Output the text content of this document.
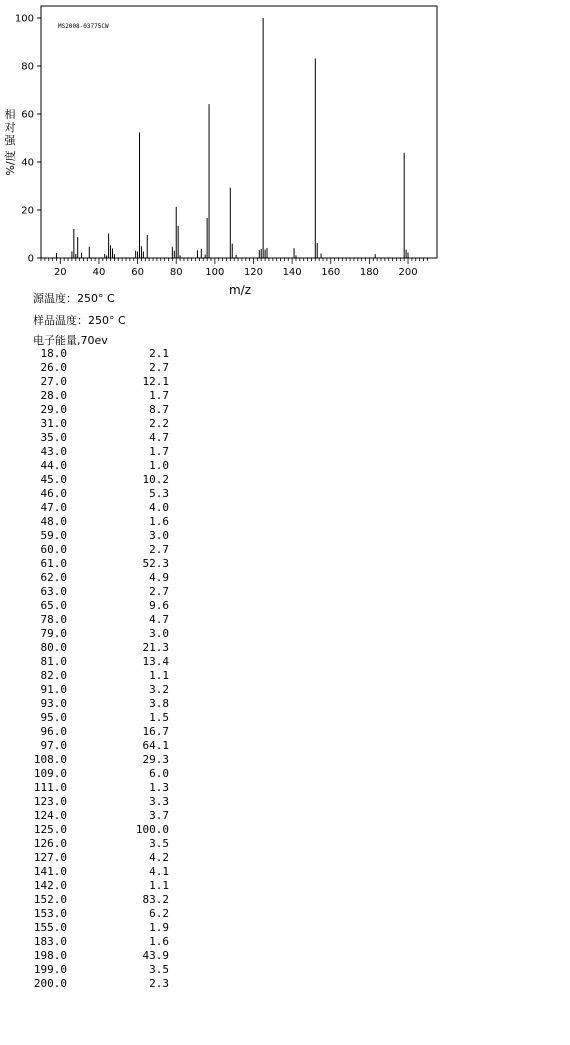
MS2008-03775CW
0
20
40
60
80
100
20	40	60	80 100 120 140 160 180 200
相
对
强
%/度
m/z
源温度：250° C
样品温度：250° C
电子能量,70ev
18.0	2.1
26.0	2.7
27.0	12.1
28.0	1.7
29.0	8.7
31.0	2.2
35.0	4.7
43.0	1.7
44.0	1.0
45.0	10.2
46.0	5.3
47.0	4.0
48.0	1.6
59.0	3.0
60.0	2.7
61.0	52.3
62.0	4.9
63.0	2.7
65.0	9.6
78.0	4.7
79.0	3.0
80.0	21.3
81.0	13.4
82.0	1.1
91.0	3.2
93.0	3.8
95.0	1.5
96.0	16.7
97.0	64.1
108.0	29.3
109.0	6.0
111.0	1.3
123.0	3.3
124.0	3.7
125.0	100.0
126.0	3.5
127.0	4.2
141.0	4.1
142.0	1.1
152.0	83.2
153.0	6.2
155.0	1.9
183.0	1.6
198.0	43.9
199.0	3.5
200.0	2.3
